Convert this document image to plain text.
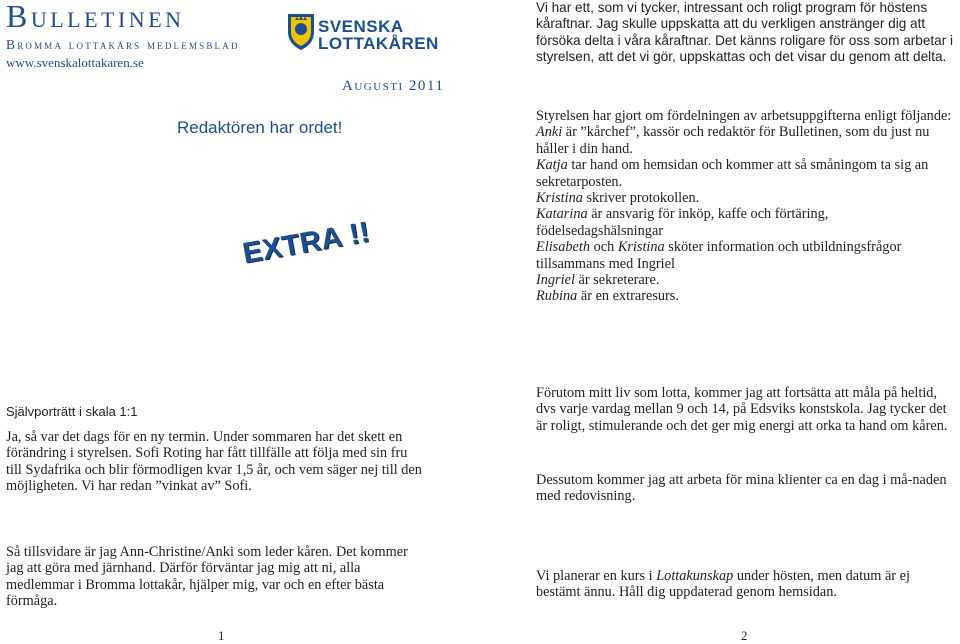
Bulletinen
Bromma lottakårs medlemsblad
www.svenskalottakaren.se
SVENSKA
LOTTAKÅREN
Augusti 2011
Redaktören har ordet!
EXTRA !!

Vi har ett, som vi tycker, intressant och roligt program för höstens kåraftnar. Jag skulle uppskatta att du verkligen anstränger dig att försöka delta i våra kåraftnar. Det känns roligare för oss som arbetar i styrelsen, att det vi gör, uppskattas och det visar du genom att delta.

Styrelsen har gjort om fördelningen av arbetsuppgifterna enligt följande:

Anki är ”kårchef”, kassör och redaktör för Bulletinen, som du just nu håller i din hand.

Katja tar hand om hemsidan och kommer att så småningom ta sig an sekretarposten.

Kristina skriver protokollen.

Katarina är ansvarig för inköp, kaffe och förtäring, födelsedagshälsningar

Elisabeth och Kristina sköter information och utbildningsfrågor tillsammans med Ingriel

Ingriel är sekreterare.

Rubina är en extraresurs.

Självporträtt i skala 1:1
Ja, så var det dags för en ny termin. Under sommaren har det skett en förändring i styrelsen. Sofi Roting har fått tillfälle att följa med sin fru till Sydafrika och blir förmodligen kvar 1,5 år, och vem säger nej till den möjligheten. Vi har redan ”vinkat av” Sofi.
Så tillsvidare är jag Ann-Christine/Anki som leder kåren. Det kommer jag att göra med järnhand. Därför förväntar jag mig att ni, alla medlemmar i Bromma lottakår, hjälper mig, var och en efter bästa förmåga.
Förutom mitt liv som lotta, kommer jag att fortsätta att måla på heltid, dvs varje vardag mellan 9 och 14, på Edsviks konstskola. Jag tycker det är roligt, stimulerande och det ger mig energi att orka ta hand om kåren.
Dessutom kommer jag att arbeta för mina klienter ca en dag i må-naden med redovisning.
Vi planerar en kurs i Lottakunskap under hösten, men datum är ej bestämt ännu. Håll dig uppdaterad genom hemsidan.
1	2
